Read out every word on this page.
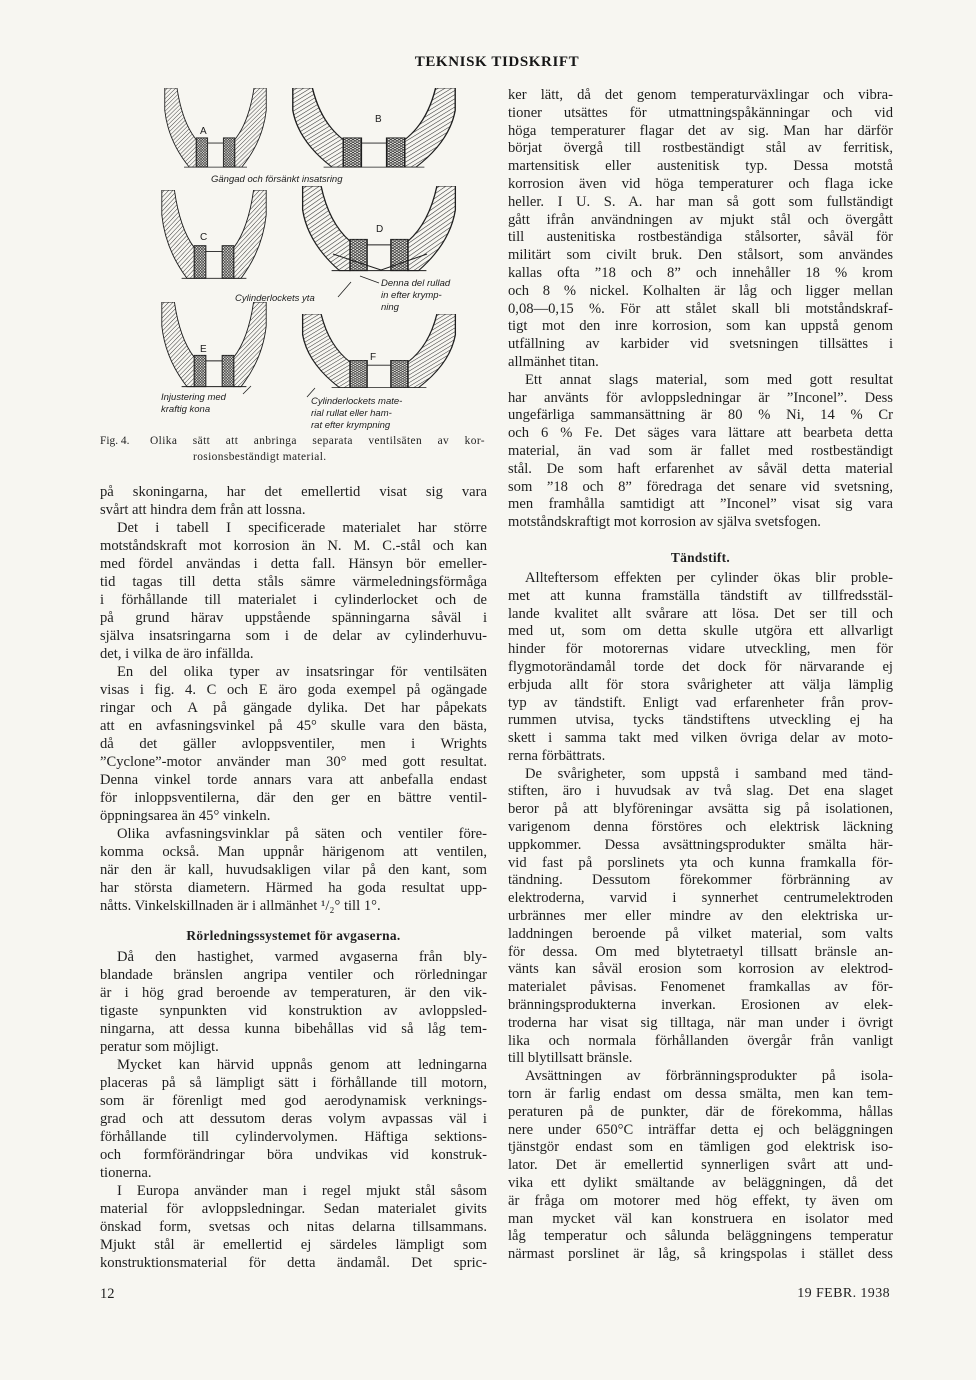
TEKNISK TIDSKRIFT
A
B
C
D
E
F
Gängad och försänkt insatsring
Cylinderlockets yta
Denna del rullad
in efter krymp-
ning
Injustering med
kraftig kona
Cylinderlockets mate-
rial rullat eller ham-
rat efter krympning
Fig. 4. Olika sätt att anbringa separata ventilsäten av kor-
rosionsbeständigt material.
på skoningarna, har det emellertid visat sig vara
svårt att hindra dem från att lossna.
Det i tabell I specificerade materialet har större
motståndskraft mot korrosion än N. M. C.-stål och kan
med fördel användas i detta fall. Hänsyn bör emeller-
tid tagas till detta ståls sämre värmeledningsförmåga
i förhållande till materialet i cylinderlocket och de
på grund härav uppstående spänningarna såväl i
själva insatsringarna som i de delar av cylinderhuvu-
det, i vilka de äro infällda.
En del olika typer av insatsringar för ventilsäten
visas i fig. 4. C och E äro goda exempel på ogängade
ringar och A på gängade dylika. Det har påpekats
att en avfasningsvinkel på 45° skulle vara den bästa,
då det gäller avloppsventiler, men i Wrights
”Cyclone”-motor använder man 30° med gott resultat.
Denna vinkel torde annars vara att anbefalla endast
för inloppsventilerna, där den ger en bättre ventil-
öppningsarea än 45° vinkeln.
Olika avfasningsvinklar på säten och ventiler före-
komma också. Man uppnår härigenom att ventilen,
när den är kall, huvudsakligen vilar på den kant, som
har största diametern. Härmed ha goda resultat upp-
nåtts. Vinkelskillnaden är i allmänhet ¹/₂° till 1°.
Rörledningssystemet för avgaserna.
Då den hastighet, varmed avgaserna från bly-
blandade bränslen angripa ventiler och rörledningar
är i hög grad beroende av temperaturen, är den vik-
tigaste synpunkten vid konstruktion av avloppsled-
ningarna, att dessa kunna bibehållas vid så låg tem-
peratur som möjligt.
Mycket kan härvid uppnås genom att ledningarna
placeras på så lämpligt sätt i förhållande till motorn,
som är förenligt med god aerodynamisk verknings-
grad och att dessutom deras volym avpassas väl i
förhållande till cylindervolymen. Häftiga sektions-
och formförändringar böra undvikas vid konstruk-
tionerna.
I Europa använder man i regel mjukt stål såsom
material för avloppsledningar. Sedan materialet givits
önskad form, svetsas och nitas delarna tillsammans.
Mjukt stål är emellertid ej särdeles lämpligt som
konstruktionsmaterial för detta ändamål. Det spric-
ker lätt, då det genom temperaturväxlingar och vibra-
tioner utsättes för utmattningspåkänningar och vid
höga temperaturer flagar det av sig. Man har därför
börjat övergå till rostbeständigt stål av ferritisk,
martensitisk eller austenitisk typ. Dessa motstå
korrosion även vid höga temperaturer och flaga icke
heller. I U. S. A. har man så gott som fullständigt
gått ifrån användningen av mjukt stål och övergått
till austenitiska rostbeständiga stålsorter, såväl för
militärt som civilt bruk. Den stålsort, som användes
kallas ofta ”18 och 8” och innehåller 18 % krom
och 8 % nickel. Kolhalten är låg och ligger mellan
0,08—0,15 %. För att stålet skall bli motståndskraf-
tigt mot den inre korrosion, som kan uppstå genom
utfällning av karbider vid svetsningen tillsättes i
allmänhet titan.
Ett annat slags material, som med gott resultat
har använts för avloppsledningar är ”Inconel”. Dess
ungefärliga sammansättning är 80 % Ni, 14 % Cr
och 6 % Fe. Det säges vara lättare att bearbeta detta
material, än vad som är fallet med rostbeständigt
stål. De som haft erfarenhet av såväl detta material
som ”18 och 8” föredraga det senare vid svetsning,
men framhålla samtidigt att ”Inconel” visat sig vara
motståndskraftigt mot korrosion av själva svetsfogen.
Tändstift.
Allteftersom effekten per cylinder ökas blir proble-
met att kunna framställa tändstift av tillfredsstäl-
lande kvalitet allt svårare att lösa. Det ser till och
med ut, som om detta skulle utgöra ett allvarligt
hinder för motorernas vidare utveckling, men för
flygmotorändamål torde det dock för närvarande ej
erbjuda allt för stora svårigheter att välja lämplig
typ av tändstift. Enligt vad erfarenheter från prov-
rummen utvisa, tycks tändstiftens utveckling ej ha
skett i samma takt med vilken övriga delar av moto-
rerna förbättrats.
De svårigheter, som uppstå i samband med tänd-
stiften, äro i huvudsak av två slag. Det ena slaget
beror på att blyföreningar avsätta sig på isolationen,
varigenom denna förstöres och elektrisk läckning
uppkommer. Dessa avsättningsprodukter smälta här-
vid fast på porslinets yta och kunna framkalla för-
tändning. Dessutom förekommer förbränning av
elektroderna, varvid i synnerhet centrumelektroden
urbrännes mer eller mindre av den elektriska ur-
laddningen beroende på vilket material, som valts
för dessa. Om med blytetraetyl tillsatt bränsle an-
vänts kan såväl erosion som korrosion av elektrod-
materialet påvisas. Fenomenet framkallas av för-
bränningsprodukterna inverkan. Erosionen av elek-
troderna har visat sig tilltaga, när man under i övrigt
lika och normala förhållanden övergår från vanligt
till blytillsatt bränsle.
Avsättningen av förbränningsprodukter på isola-
torn är farlig endast om dessa smälta, men kan tem-
peraturen på de punkter, där de förekomma, hållas
nere under 650°C inträffar detta ej och beläggningen
tjänstgör endast som en tämligen god elektrisk iso-
lator. Det är emellertid synnerligen svårt att und-
vika ett dylikt smältande av beläggningen, då det
är fråga om motorer med hög effekt, ty även om
man mycket väl kan konstruera en isolator med
låg temperatur och sålunda beläggningens temperatur
närmast porslinet är låg, så kringspolas i stället dess
12	19 FEBR. 1938
